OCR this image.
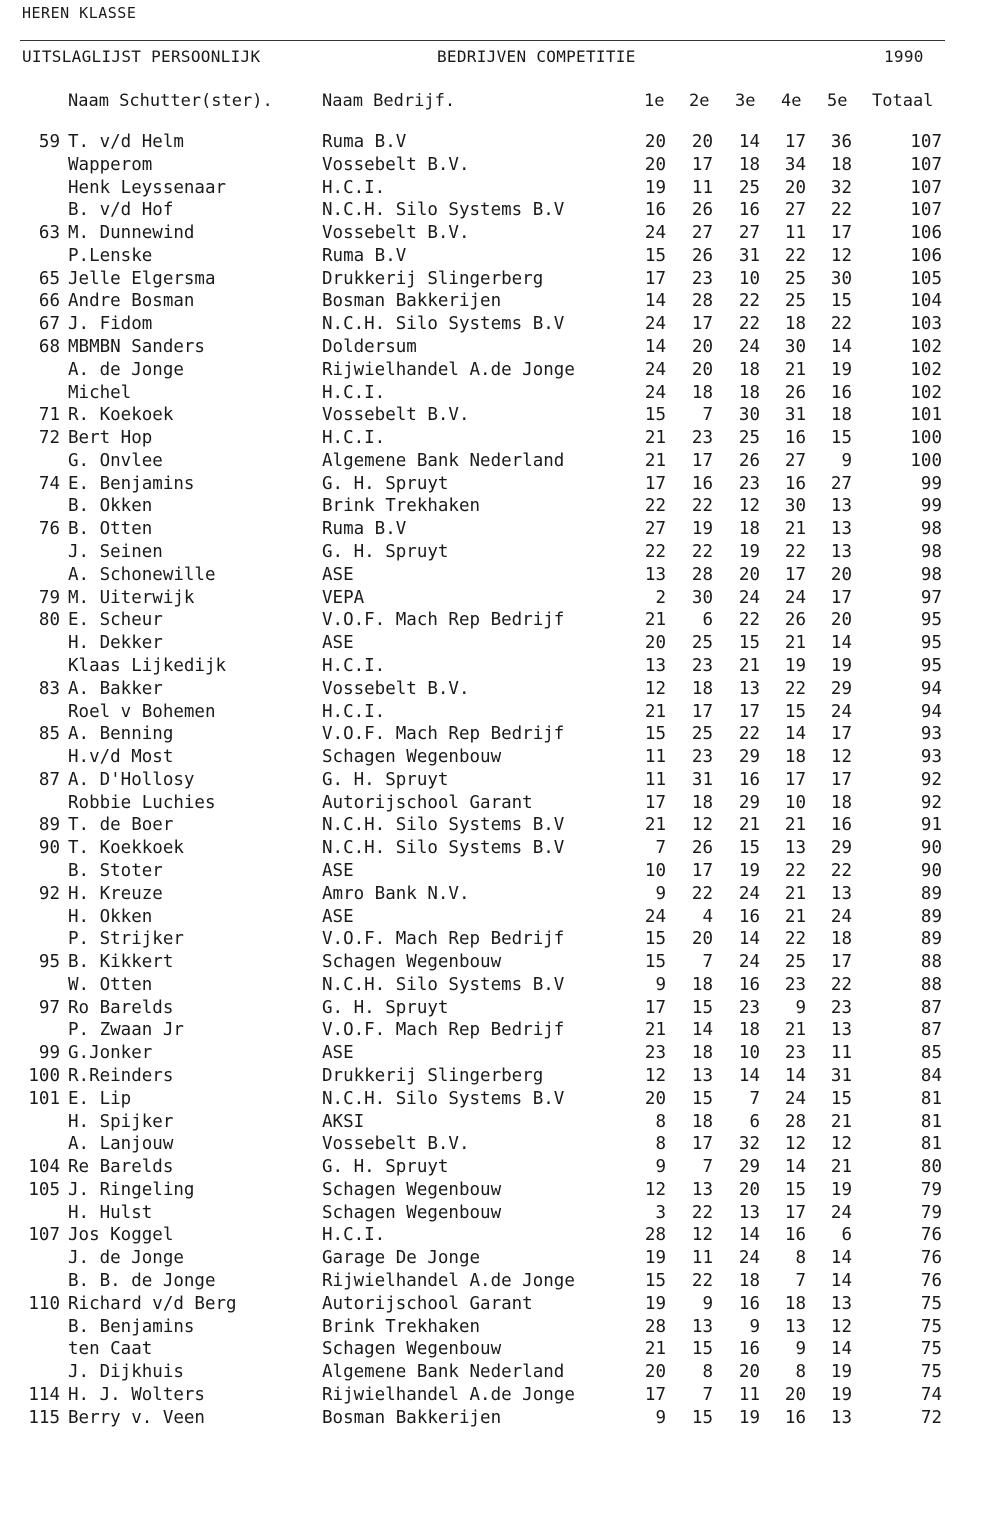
HEREN KLASSE
UITSLAGLIJST PERSOONLIJK	BEDRIJVEN COMPETITIE	1990
Naam Schutter(ster).	Naam Bedrijf.	1e 2e 3e 4e 5e Totaal
59 T. v/d Helm	Ruma B.V	20	20	14	17	36	107
Wapperom	Vossebelt B.V.	20	17	18	34	18	107
Henk Leyssenaar	H.C.I.	19	11	25	20	32	107
B. v/d Hof	N.C.H. Silo Systems B.V	16	26	16	27	22	107
63 M. Dunnewind	Vossebelt B.V.	24	27	27	11	17	106
P.Lenske	Ruma B.V	15	26	31	22	12	106
65 Jelle Elgersma	Drukkerij Slingerberg	17	23	10	25	30	105
66 Andre Bosman	Bosman Bakkerijen	14	28	22	25	15	104
67 J. Fidom	N.C.H. Silo Systems B.V	24	17	22	18	22	103
68 MBMBN Sanders	Doldersum	14	20	24	30	14	102
A. de Jonge	Rijwielhandel A.de Jonge	24	20	18	21	19	102
Michel	H.C.I.	24	18	18	26	16	102
71 R. Koekoek	Vossebelt B.V.	15	7	30	31	18	101
72 Bert Hop	H.C.I.	21	23	25	16	15	100
G. Onvlee	Algemene Bank Nederland	21	17	26	27	9	100
74 E. Benjamins	G. H. Spruyt	17	16	23	16	27	99
B. Okken	Brink Trekhaken	22	22	12	30	13	99
76 B. Otten	Ruma B.V	27	19	18	21	13	98
J. Seinen	G. H. Spruyt	22	22	19	22	13	98
A. Schonewille	ASE	13	28	20	17	20	98
79 M. Uiterwijk	VEPA	2	30	24	24	17	97
80 E. Scheur	V.O.F. Mach Rep Bedrijf	21	6	22	26	20	95
H. Dekker	ASE	20	25	15	21	14	95
Klaas Lijkedijk	H.C.I.	13	23	21	19	19	95
83 A. Bakker	Vossebelt B.V.	12	18	13	22	29	94
Roel v Bohemen	H.C.I.	21	17	17	15	24	94
85 A. Benning	V.O.F. Mach Rep Bedrijf	15	25	22	14	17	93
H.v/d Most	Schagen Wegenbouw	11	23	29	18	12	93
87 A. D'Hollosy	G. H. Spruyt	11	31	16	17	17	92
Robbie Luchies	Autorijschool Garant	17	18	29	10	18	92
89 T. de Boer	N.C.H. Silo Systems B.V	21	12	21	21	16	91
90 T. Koekkoek	N.C.H. Silo Systems B.V	7	26	15	13	29	90
B. Stoter	ASE	10	17	19	22	22	90
92 H. Kreuze	Amro Bank N.V.	9	22	24	21	13	89
H. Okken	ASE	24	4	16	21	24	89
P. Strijker	V.O.F. Mach Rep Bedrijf	15	20	14	22	18	89
95 B. Kikkert	Schagen Wegenbouw	15	7	24	25	17	88
W. Otten	N.C.H. Silo Systems B.V	9	18	16	23	22	88
97 Ro Barelds	G. H. Spruyt	17	15	23	9	23	87
P. Zwaan Jr	V.O.F. Mach Rep Bedrijf	21	14	18	21	13	87
99 G.Jonker	ASE	23	18	10	23	11	85
100 R.Reinders	Drukkerij Slingerberg	12	13	14	14	31	84
101 E. Lip	N.C.H. Silo Systems B.V	20	15	7	24	15	81
H. Spijker	AKSI	8	18	6	28	21	81
A. Lanjouw	Vossebelt B.V.	8	17	32	12	12	81
104 Re Barelds	G. H. Spruyt	9	7	29	14	21	80
105 J. Ringeling	Schagen Wegenbouw	12	13	20	15	19	79
H. Hulst	Schagen Wegenbouw	3	22	13	17	24	79
107 Jos Koggel	H.C.I.	28	12	14	16	6	76
J. de Jonge	Garage De Jonge	19	11	24	8	14	76
B. B. de Jonge	Rijwielhandel A.de Jonge	15	22	18	7	14	76
110 Richard v/d Berg	Autorijschool Garant	19	9	16	18	13	75
B. Benjamins	Brink Trekhaken	28	13	9	13	12	75
ten Caat	Schagen Wegenbouw	21	15	16	9	14	75
J. Dijkhuis	Algemene Bank Nederland	20	8	20	8	19	75
114 H. J. Wolters	Rijwielhandel A.de Jonge	17	7	11	20	19	74
115 Berry v. Veen	Bosman Bakkerijen	9	15	19	16	13	72
